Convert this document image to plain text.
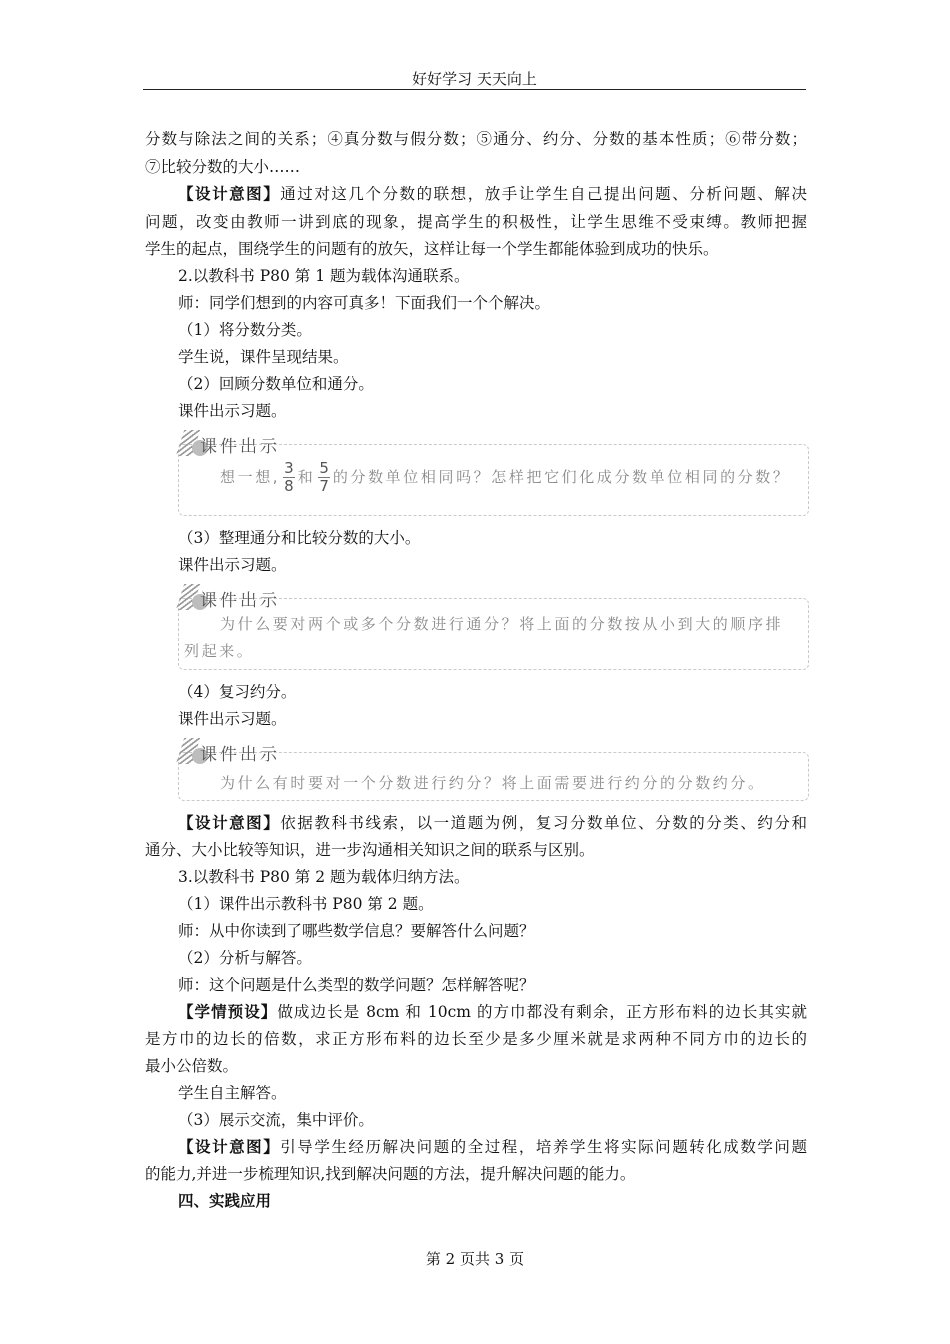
好好学习 天天向上
分数与除法之间的关系；④真分数与假分数；⑤通分、约分、分数的基本性质；⑥带分数；
⑦比较分数的大小……
【设计意图】通过对这几个分数的联想，放手让学生自己提出问题、分析问题、解决
问题，改变由教师一讲到底的现象，提高学生的积极性，让学生思维不受束缚。教师把握
学生的起点，围绕学生的问题有的放矢，这样让每一个学生都能体验到成功的快乐。
2.以教科书 P80 第 1 题为载体沟通联系。
师：同学们想到的内容可真多！下面我们一个个解决。
（1）将分数分类。
学生说，课件呈现结果。
（2）回顾分数单位和通分。
课件出示习题。
课件出示
想一想, $\frac{3}{8}$ 和 $\frac{5}{7}$ 的分数单位相同吗？怎样把它们化成分数单位相同的分数？
（3）整理通分和比较分数的大小。
课件出示习题。
课件出示
为什么要对两个或多个分数进行通分？将上面的分数按从小到大的顺序排
列起来。
（4）复习约分。
课件出示习题。
课件出示
为什么有时要对一个分数进行约分？将上面需要进行约分的分数约分。
【设计意图】依据教科书线索，以一道题为例，复习分数单位、分数的分类、约分和
通分、大小比较等知识，进一步沟通相关知识之间的联系与区别。
3.以教科书 P80 第 2 题为载体归纳方法。
（1）课件出示教科书 P80 第 2 题。
师：从中你读到了哪些数学信息？要解答什么问题？
（2）分析与解答。
师：这个问题是什么类型的数学问题？怎样解答呢？
【学情预设】做成边长是 8cm 和 10cm 的方巾都没有剩余，正方形布料的边长其实就
是方巾的边长的倍数，求正方形布料的边长至少是多少厘米就是求两种不同方巾的边长的
最小公倍数。
学生自主解答。
（3）展示交流，集中评价。
【设计意图】引导学生经历解决问题的全过程，培养学生将实际问题转化成数学问题
的能力,并进一步梳理知识,找到解决问题的方法，提升解决问题的能力。
四、实践应用
第 2 页共 3 页
